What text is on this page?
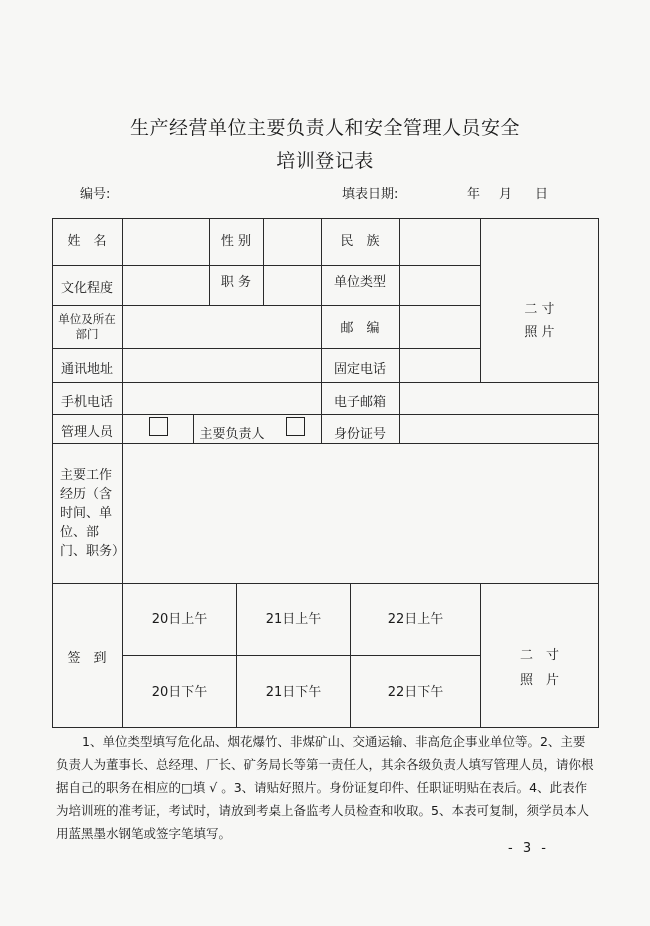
生产经营单位主要负责人和安全管理人员安全
培训登记表
编号:	填表日期:	年 月 日
姓　名	性 别	民　族
文化程度	职 务	单位类型
二 寸
照 片
单位及所在部门	邮　编
通讯地址	固定电话
手机电话	电子邮箱
管理人员	主要负责人	身份证号
主要工作经历（含时间、单位、部门、职务）
签　到
20日上午	21日上午	22日上午
20日下午	21日下午	22日下午
二　寸
照　片
1、单位类型填写危化品、烟花爆竹、非煤矿山、交通运输、非高危企事业单位等。2、主要负责人为董事长、总经理、厂长、矿务局长等第一责任人，其余各级负责人填写管理人员，请你根据自己的职务在相应的□填 √ 。3、请贴好照片。身份证复印件、任职证明贴在表后。4、此表作为培训班的准考证，考试时，请放到考桌上备监考人员检查和收取。5、本表可复制，须学员本人用蓝黑墨水钢笔或签字笔填写。
- 3 -
